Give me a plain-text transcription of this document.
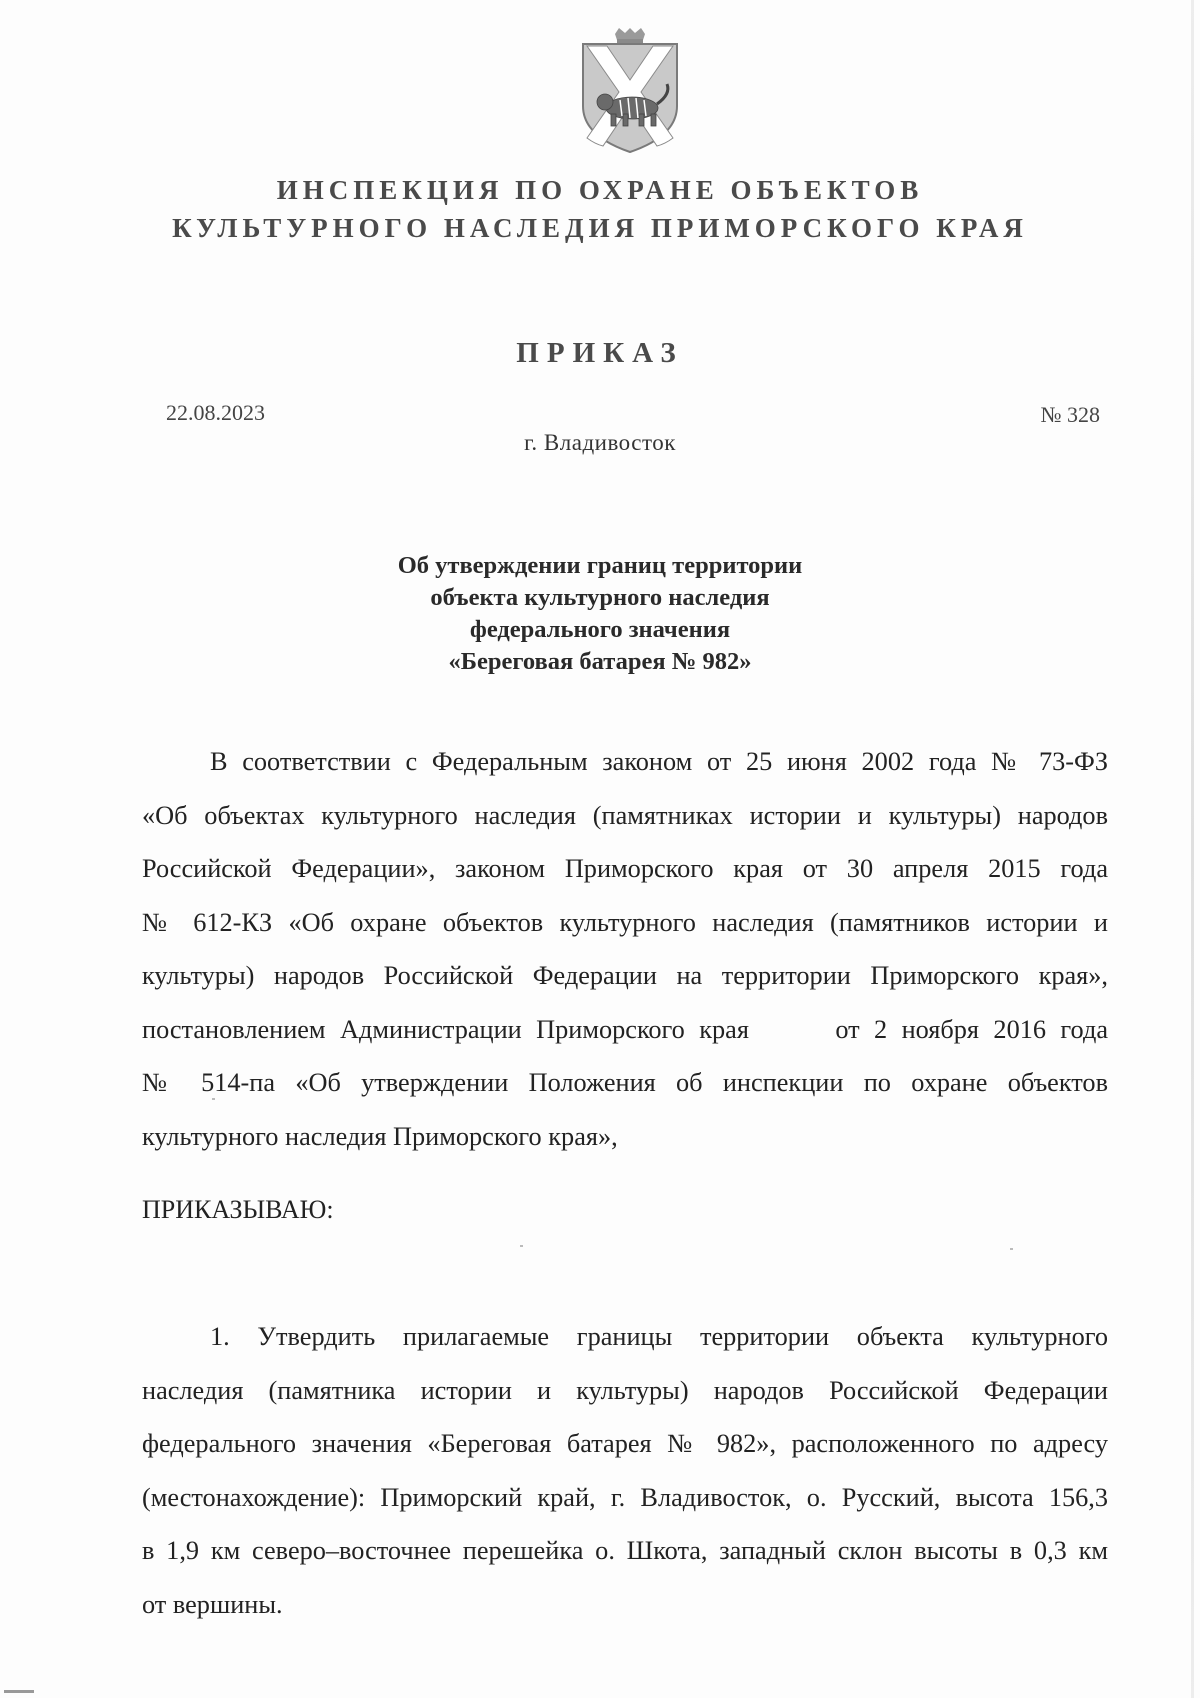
ИНСПЕКЦИЯ ПО ОХРАНЕ ОБЪЕКТОВ
КУЛЬТУРНОГО НАСЛЕДИЯ ПРИМОРСКОГО КРАЯ
ПРИКАЗ
22.08.2023	№ 328
г. Владивосток
Об утверждении границ территории
объекта культурного наследия
федерального значения
«Береговая батарея № 982»
В соответствии с Федеральным законом от 25 июня 2002 года № 73-ФЗ
«Об объектах культурного наследия (памятниках истории и культуры) народов
Российской Федерации», законом Приморского края от 30 апреля 2015 года
№ 612-КЗ «Об охране объектов культурного наследия (памятников истории и
культуры) народов Российской Федерации на территории Приморского края»,
постановлением Администрации Приморского края      от 2 ноября 2016 года
№ 514-па «Об утверждении Положения об инспекции по охране объектов
культурного наследия Приморского края»,
ПРИКАЗЫВАЮ:
1. Утвердить прилагаемые границы территории объекта культурного
наследия (памятника истории и культуры) народов Российской Федерации
федерального значения «Береговая батарея № 982», расположенного по адресу
(местонахождение): Приморский край, г. Владивосток, о. Русский, высота 156,3
в 1,9 км северо–восточнее перешейка о. Шкота, западный склон высоты в 0,3 км
от вершины.
